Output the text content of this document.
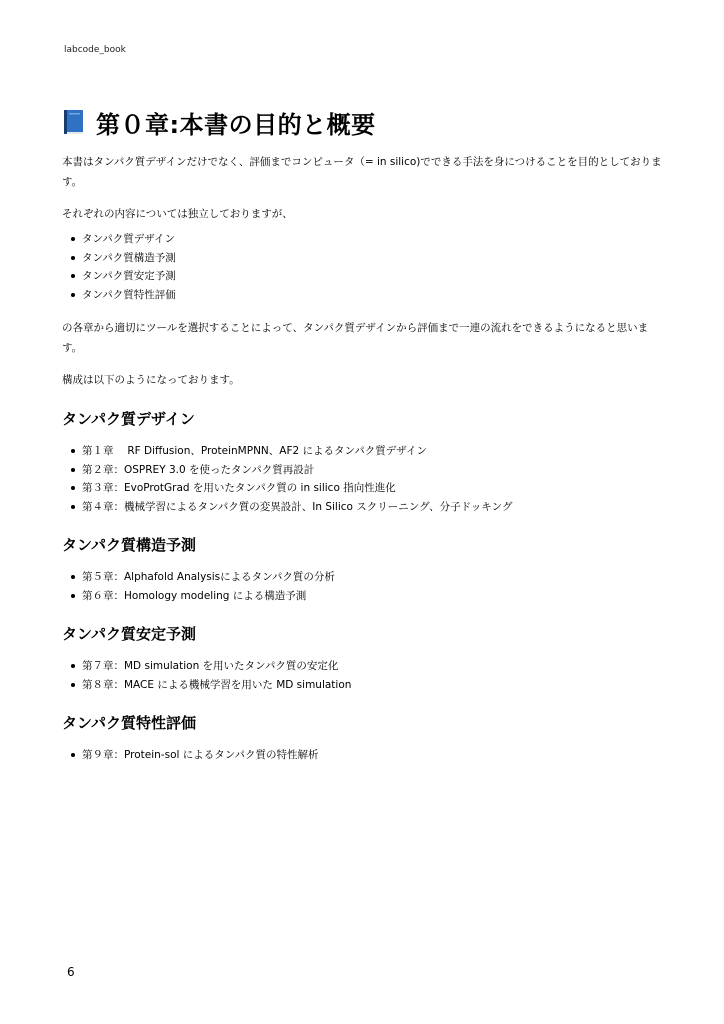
labcode_book
第０章:本書の目的と概要

本書はタンパク質デザインだけでなく、評価までコンピュータ（= in silico)でできる手法を身につけることを目的としております。

それぞれの内容については独立しておりますが、

タンパク質デザイン
タンパク質構造予測
タンパク質安定予測
タンパク質特性評価

の各章から適切にツールを選択することによって、タンパク質デザインから評価まで一連の流れをできるようになると思います。

構成は以下のようになっております。

タンパク質デザイン
第１章　 RF Diffusion、ProteinMPNN、AF2 によるタンパク質デザイン
第２章：OSPREY 3.0 を使ったタンパク質再設計
第３章：EvoProtGrad を用いたタンパク質の in silico 指向性進化
第４章：機械学習によるタンパク質の変異設計、In Silico スクリーニング、分子ドッキング
タンパク質構造予測
第５章：Alphafold Analysisによるタンパク質の分析
第６章：Homology modeling による構造予測
タンパク質安定予測
第７章：MD simulation を用いたタンパク質の安定化
第８章：MACE による機械学習を用いた MD simulation
タンパク質特性評価
第９章：Protein-sol によるタンパク質の特性解析
6
